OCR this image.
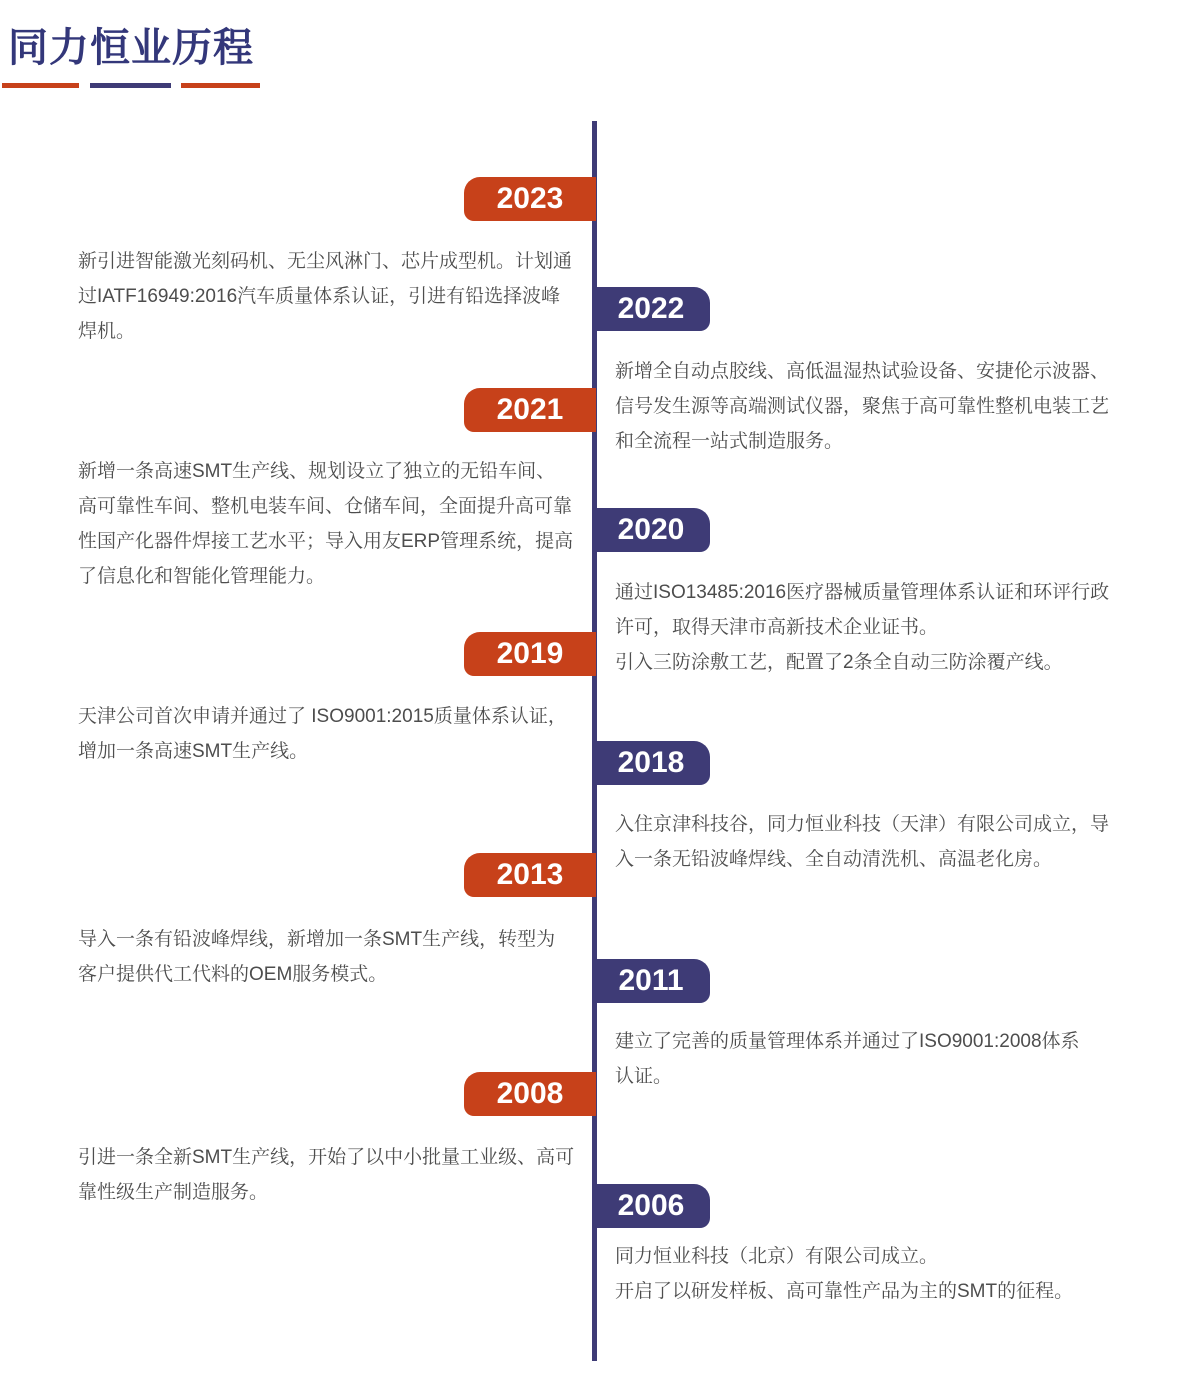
同力恒业历程
2023

新引进智能激光刻码机、无尘风淋门、芯片成型机。计划通

过IATF16949:2016汽车质量体系认证，引进有铅选择波峰

焊机。

2022

新增全自动点胶线、高低温湿热试验设备、安捷伦示波器、

信号发生源等高端测试仪器，聚焦于高可靠性整机电装工艺

和全流程一站式制造服务。

2021

新增一条高速SMT生产线、规划设立了独立的无铅车间、

高可靠性车间、整机电装车间、仓储车间，全面提升高可靠

性国产化器件焊接工艺水平；导入用友ERP管理系统，提高

了信息化和智能化管理能力。

2020

通过ISO13485:2016医疗器械质量管理体系认证和环评行政

许可，取得天津市高新技术企业证书。

引入三防涂敷工艺，配置了2条全自动三防涂覆产线。

2019

天津公司首次申请并通过了 ISO9001:2015质量体系认证，

增加一条高速SMT生产线。	2018

入住京津科技谷，同力恒业科技（天津）有限公司成立，导

入一条无铅波峰焊线、全自动清洗机、高温老化房。

2013

导入一条有铅波峰焊线，新增加一条SMT生产线，转型为

客户提供代工代料的OEM服务模式。	2011

建立了完善的质量管理体系并通过了ISO9001:2008体系

认证。

2008

引进一条全新SMT生产线，开始了以中小批量工业级、高可

靠性级生产制造服务。	2006

同力恒业科技（北京）有限公司成立。

开启了以研发样板、高可靠性产品为主的SMT的征程。
